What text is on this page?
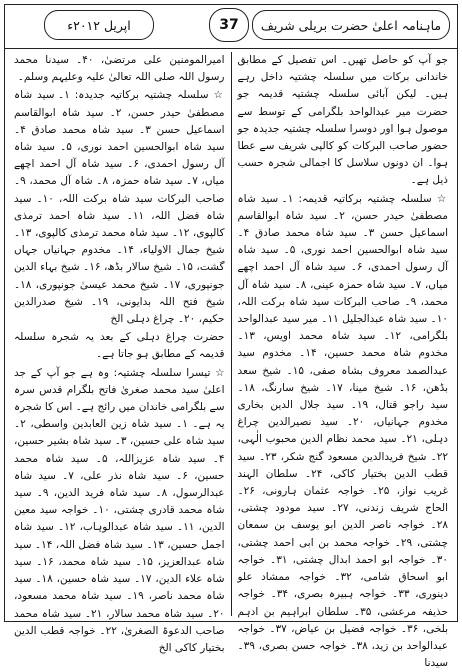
ماہنامہ اعلیٰ حضرت بریلی شریف
37
اپریل ۲۰۱۲ء

جو آپ کو حاصل تھیں۔ اس تفصیل کے مطابق خاندانی برکات میں سلسلہ چشتیہ داخل رہے ہیں۔ لیکن آبائی سلسلہ چشتیہ قدیمہ جو حضرت میر عبدالواحد بلگرامی کے توسط سے موصول ہوا اور دوسرا سلسلہ چشتیہ جدیدہ جو حضور صاحب البرکات کو کالپی شریف سے عطا ہوا۔ ان دونوں سلاسل کا اجمالی شجرہ حسب ذیل ہے۔

☆ سلسلہ چشتیہ برکاتیہ قدیمہ: ۱۔ سید شاہ مصطفیٰ حیدر حسن، ۲۔ سید شاہ ابوالقاسم اسماعیل حسن ۳۔ سید شاہ محمد صادق ۴۔ سید شاہ ابوالحسین احمد نوری، ۵۔ سید شاہ آل رسول احمدی، ۶۔ سید شاہ آل احمد اچھے میاں، ۷۔ سید شاہ حمزہ عینی، ۸۔ سید شاہ آل محمد، ۹۔ صاحب البرکات سید شاہ برکت اللہ، ۱۰۔ سید شاہ عبدالجلیل ۱۱۔ میر سید عبدالواحد بلگرامی، ۱۲۔ سید شاہ محمد اویس، ۱۳۔ مخدوم شاہ محمد حسین، ۱۴۔ مخدوم سید عبدالصمد معروف بشاہ صفی، ۱۵۔ شیخ سعد بڈھن، ۱۶۔ شیخ مینا، ۱۷۔ شیخ سارنگ، ۱۸۔ سید راجو قتال، ۱۹۔ سید جلال الدین بخاری مخدوم جہانیاں، ۲۰۔ سید نصیرالدین چراغ دہلی، ۲۱۔ سید محمد نظام الدین محبوب الٰہی، ۲۲۔ شیخ فریدالدین مسعود گنج شکر، ۲۳۔ سید قطب الدین بختیار کاکی، ۲۴۔ سلطان الہند غریب نواز، ۲۵۔ خواجہ عثمان ہارونی، ۲۶۔ الحاج شریف زندنی، ۲۷۔ سید مودود چشتی، ۲۸۔ خواجہ ناصر الدین ابو یوسف بن سمعان چشتی، ۲۹۔ خواجہ محمد بن ابی احمد چشتی، ۳۰۔ خواجہ ابو احمد ابدال چشتی، ۳۱۔ خواجہ ابو اسحاق شامی، ۳۲۔ خواجہ ممشاد علو دینوری، ۳۳۔ خواجہ ہبیرہ بصری، ۳۴۔ خواجہ حذیفہ مرعشی، ۳۵۔ سلطان ابراہیم بن ادہم بلخی، ۳۶۔ خواجہ فضیل بن عیاض، ۳۷۔ خواجہ عبدالواحد بن زید، ۳۸۔ خواجہ حسن بصری، ۳۹۔ سیدنا

امیرالمومنین علی مرتضیٰ، ۴۰۔ سیدنا محمد رسول اللہ صلی اللہ تعالیٰ علیہ وعلیہم وسلم۔

☆ سلسلہ چشتیہ برکاتیہ جدیدہ: ۱۔ سید شاہ مصطفیٰ حیدر حسن، ۲۔ سید شاہ ابوالقاسم اسماعیل حسن ۳۔ سید شاہ محمد صادق ۴۔ سید شاہ ابوالحسین احمد نوری، ۵۔ سید شاہ آل رسول احمدی، ۶۔ سید شاہ آل احمد اچھے میاں، ۷۔ سید شاہ حمزہ، ۸۔ شاہ آل محمد، ۹۔ صاحب البرکات سید شاہ برکت اللہ، ۱۰۔ سید شاہ فضل اللہ، ۱۱۔ سید شاہ احمد ترمذی کالپوی، ۱۲۔ سید شاہ محمد ترمذی کالپوی، ۱۳۔ شیخ جمال الاولیاء، ۱۴۔ مخدوم جہانیاں جہاں گشت، ۱۵۔ شیخ سالار بڈھ، ۱۶۔ شیخ بہاء الدین جونپوری، ۱۷۔ شیخ محمد عیسیٰ جونپوری، ۱۸۔ شیخ فتح اللہ بدایونی، ۱۹۔ شیخ صدرالدین حکیم، ۲۰۔ چراغ دہلی الخ

حضرت چراغ دہلی کے بعد یہ شجرہ سلسلہ قدیمہ کے مطابق ہو جاتا ہے۔

☆ تیسرا سلسلہ چشتیہ: وہ ہے جو آپ کے جد اعلیٰ سید محمد صغریٰ فاتح بلگرام قدس سرہ سے بلگرامی خاندان میں رائج ہے۔ اس کا شجرہ یہ ہے۔ ۱۔ سید شاہ زین العابدین واسطی، ۲۔ سید شاہ علی حسین، ۳۔ سید شاہ بشیر حسین، ۴۔ سید شاہ عزیزاللہ، ۵۔ سید شاہ محمد حسین، ۶۔ سید شاہ نذر علی، ۷۔ سید شاہ عبدالرسول، ۸۔ سید شاہ فرید الدین، ۹۔ سید شاہ محمد قادری چشتی، ۱۰۔ خواجہ سید معین الدین، ۱۱۔ سید شاہ عبدالوہاب، ۱۲۔ سید شاہ اجمل حسین، ۱۳۔ سید شاہ فضل اللہ، ۱۴۔ سید شاہ عبدالعزیز، ۱۵۔ سید شاہ محمد، ۱۶۔ سید شاہ علاء الدین، ۱۷۔ سید شاہ حسین، ۱۸۔ سید شاہ محمد ناصر، ۱۹۔ سید شاہ محمد مسعود، ۲۰۔ سید شاہ محمد سالار، ۲۱۔ سید شاہ محمد صاحب الدعوۃ الصغریٰ، ۲۲۔ خواجہ قطب الدین بختیار کاکی الخ
